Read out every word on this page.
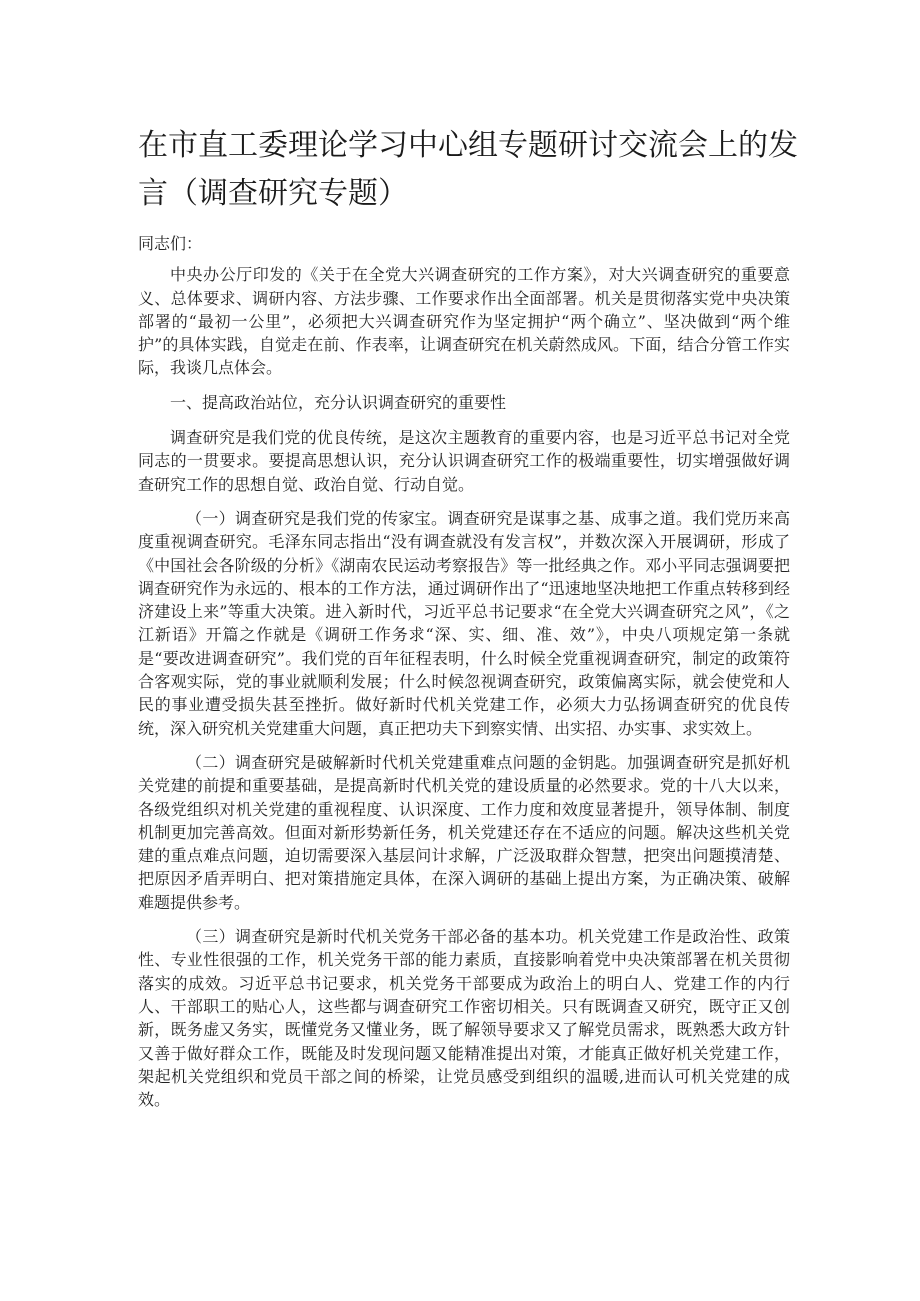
在市直工委理论学习中心组专题研讨交流会上的发言（调查研究专题）

同志们：

中央办公厅印发的《关于在全党大兴调查研究的工作方案》，对大兴调查研究的重要意义、总体要求、调研内容、方法步骤、工作要求作出全面部署。机关是贯彻落实党中央决策部署的“最初一公里”，必须把大兴调查研究作为坚定拥护“两个确立”、坚决做到“两个维护”的具体实践，自觉走在前、作表率，让调查研究在机关蔚然成风。下面，结合分管工作实际，我谈几点体会。

一、提高政治站位，充分认识调查研究的重要性

调查研究是我们党的优良传统，是这次主题教育的重要内容，也是习近平总书记对全党同志的一贯要求。要提高思想认识，充分认识调查研究工作的极端重要性，切实增强做好调查研究工作的思想自觉、政治自觉、行动自觉。

（一）调查研究是我们党的传家宝。调查研究是谋事之基、成事之道。我们党历来高度重视调查研究。毛泽东同志指出“没有调查就没有发言权”，并数次深入开展调研，形成了《中国社会各阶级的分析》《湖南农民运动考察报告》等一批经典之作。邓小平同志强调要把调查研究作为永远的、根本的工作方法，通过调研作出了“迅速地坚决地把工作重点转移到经济建设上来”等重大决策。进入新时代，习近平总书记要求“在全党大兴调查研究之风”，《之江新语》开篇之作就是《调研工作务求“深、实、细、准、效”》，中央八项规定第一条就是“要改进调查研究”。我们党的百年征程表明，什么时候全党重视调查研究，制定的政策符合客观实际，党的事业就顺利发展；什么时候忽视调查研究，政策偏离实际，就会使党和人民的事业遭受损失甚至挫折。做好新时代机关党建工作，必须大力弘扬调查研究的优良传统，深入研究机关党建重大问题，真正把功夫下到察实情、出实招、办实事、求实效上。

（二）调查研究是破解新时代机关党建重难点问题的金钥匙。加强调查研究是抓好机关党建的前提和重要基础，是提高新时代机关党的建设质量的必然要求。党的十八大以来，各级党组织对机关党建的重视程度、认识深度、工作力度和效度显著提升，领导体制、制度机制更加完善高效。但面对新形势新任务，机关党建还存在不适应的问题。解决这些机关党建的重点难点问题，迫切需要深入基层问计求解，广泛汲取群众智慧，把突出问题摸清楚、把原因矛盾弄明白、把对策措施定具体，在深入调研的基础上提出方案，为正确决策、破解难题提供参考。

（三）调查研究是新时代机关党务干部必备的基本功。机关党建工作是政治性、政策性、专业性很强的工作，机关党务干部的能力素质，直接影响着党中央决策部署在机关贯彻落实的成效。习近平总书记要求，机关党务干部要成为政治上的明白人、党建工作的内行人、干部职工的贴心人，这些都与调查研究工作密切相关。只有既调查又研究，既守正又创新，既务虚又务实，既懂党务又懂业务，既了解领导要求又了解党员需求，既熟悉大政方针又善于做好群众工作，既能及时发现问题又能精准提出对策，才能真正做好机关党建工作，架起机关党组织和党员干部之间的桥梁，让党员感受到组织的温暖,进而认可机关党建的成效。
